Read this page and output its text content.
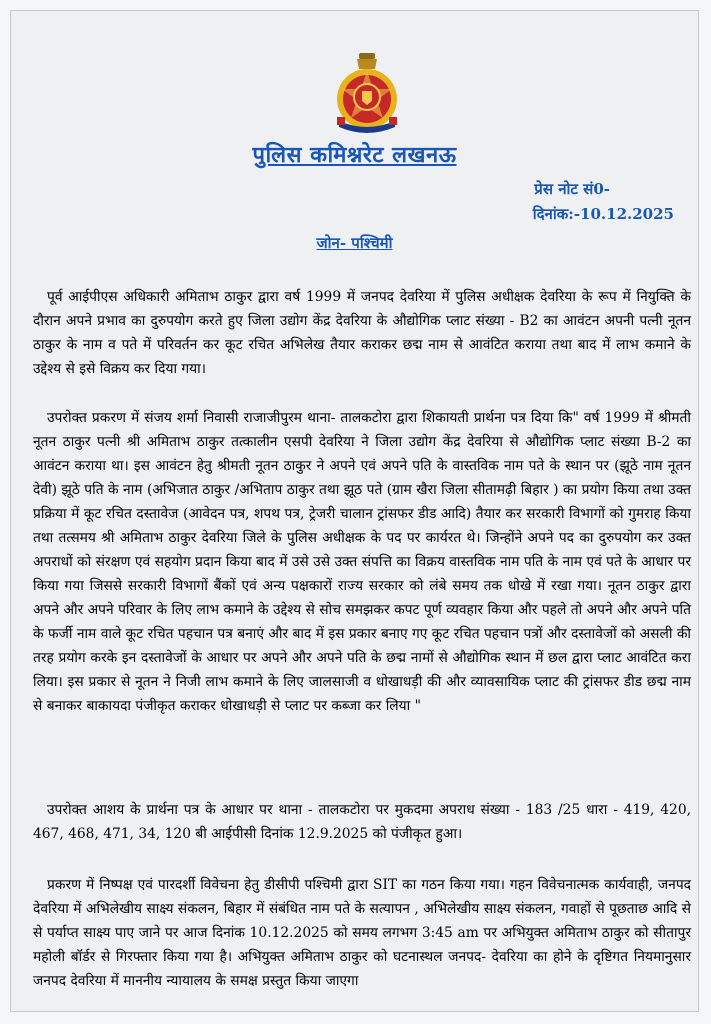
पुलिस कमिश्नरेट लखनऊ
प्रेस नोट सं0-
दिनांक:-10.12.2025
जोन- पश्चिमी

पूर्व आईपीएस अधिकारी अमिताभ ठाकुर द्वारा वर्ष 1999 में जनपद देवरिया में पुलिस अधीक्षक देवरिया के रूप में नियुक्ति के दौरान अपने प्रभाव का दुरुपयोग करते हुए जिला उद्योग केंद्र देवरिया के औद्योगिक प्लाट संख्या - B2 का आवंटन अपनी पत्नी नूतन ठाकुर के नाम व पते में परिवर्तन कर कूट रचित अभिलेख तैयार कराकर छद्म नाम से आवंटित कराया तथा बाद में लाभ कमाने के उद्देश्य से इसे विक्रय कर दिया गया।

उपरोक्त प्रकरण में संजय शर्मा निवासी राजाजीपुरम थाना- तालकटोरा द्वारा शिकायती प्रार्थना पत्र दिया कि" वर्ष 1999 में श्रीमती नूतन ठाकुर पत्नी श्री अमिताभ ठाकुर तत्कालीन एसपी देवरिया ने जिला उद्योग केंद्र देवरिया से औद्योगिक प्लाट संख्या B-2 का आवंटन कराया था। इस आवंटन हेतु श्रीमती नूतन ठाकुर ने अपने एवं अपने पति के वास्तविक नाम पते के स्थान पर (झूठे नाम नूतन देवी) झूठे पति के नाम (अभिजात ठाकुर /अभिताप ठाकुर तथा झूठ पते (ग्राम खैरा जिला सीतामढ़ी बिहार ) का प्रयोग किया तथा उक्त प्रक्रिया में कूट रचित दस्तावेज (आवेदन पत्र, शपथ पत्र, ट्रेजरी चालान ट्रांसफर डीड आदि) तैयार कर सरकारी विभागों को गुमराह किया तथा तत्समय श्री अमिताभ ठाकुर देवरिया जिले के पुलिस अधीक्षक के पद पर कार्यरत थे। जिन्होंने अपने पद का दुरुपयोग कर उक्त अपराधों को संरक्षण एवं सहयोग प्रदान किया बाद में उसे उसे उक्त संपत्ति का विक्रय वास्तविक नाम पति के नाम एवं पते के आधार पर किया गया जिससे सरकारी विभागों बैंकों एवं अन्य पक्षकारों राज्य सरकार को लंबे समय तक धोखे में रखा गया। नूतन ठाकुर द्वारा अपने और अपने परिवार के लिए लाभ कमाने के उद्देश्य से सोच समझकर कपट पूर्ण व्यवहार किया और पहले तो अपने और अपने पति के फर्जी नाम वाले कूट रचित पहचान पत्र बनाएं और बाद में इस प्रकार बनाए गए कूट रचित पहचान पत्रों और दस्तावेजों को असली की तरह प्रयोग करके इन दस्तावेजों के आधार पर अपने और अपने पति के छद्म नामों से औद्योगिक स्थान में छल द्वारा प्लाट आवंटित करा लिया। इस प्रकार से नूतन ने निजी लाभ कमाने के लिए जालसाजी व धोखाधड़ी की और व्यावसायिक प्लाट की ट्रांसफर डीड छद्म नाम से बनाकर बाकायदा पंजीकृत कराकर धोखाधड़ी से प्लाट पर कब्जा कर लिया "

उपरोक्त आशय के प्रार्थना पत्र के आधार पर थाना - तालकटोरा पर मुकदमा अपराध संख्या - 183 /25 धारा - 419, 420, 467, 468, 471, 34, 120 बी आईपीसी दिनांक 12.9.2025 को पंजीकृत हुआ।

प्रकरण में निष्पक्ष एवं पारदर्शी विवेचना हेतु डीसीपी पश्चिमी द्वारा SIT का गठन किया गया। गहन विवेचनात्मक कार्यवाही, जनपद देवरिया में अभिलेखीय साक्ष्य संकलन, बिहार में संबंधित नाम पते के सत्यापन , अभिलेखीय साक्ष्य संकलन, गवाहों से पूछताछ आदि से से पर्याप्त साक्ष्य पाए जाने पर आज दिनांक 10.12.2025 को समय लगभग 3:45 am पर अभियुक्त अमिताभ ठाकुर को सीतापुर महोली बॉर्डर से गिरफ्तार किया गया है। अभियुक्त अमिताभ ठाकुर को घटनास्थल जनपद- देवरिया का होने के दृष्टिगत नियमानुसार जनपद देवरिया में माननीय न्यायालय के समक्ष प्रस्तुत किया जाएगा
